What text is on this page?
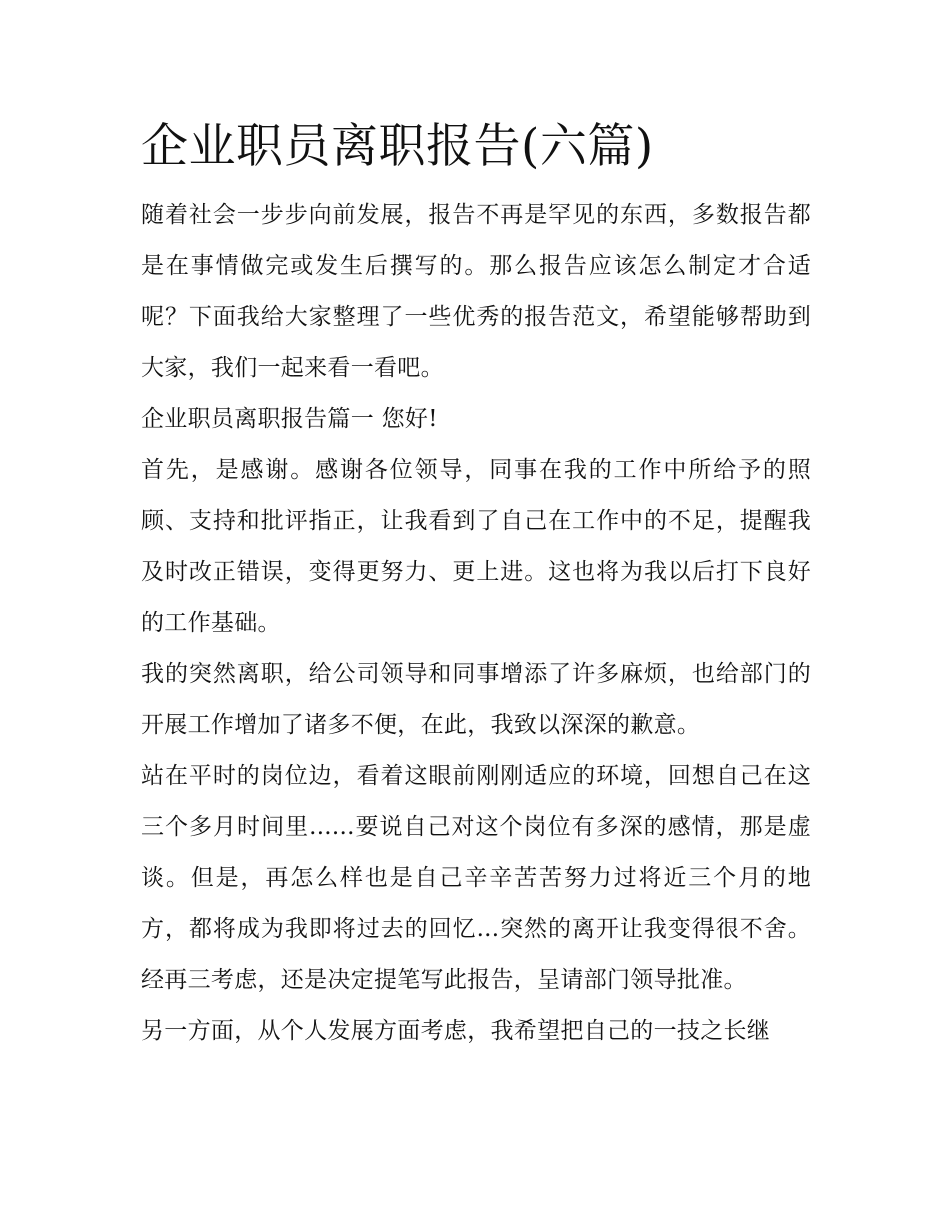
企业职员离职报告(六篇)

随着社会一步步向前发展，报告不再是罕见的东西，多数报告都是在事情做完或发生后撰写的。那么报告应该怎么制定才合适呢？下面我给大家整理了一些优秀的报告范文，希望能够帮助到大家，我们一起来看一看吧。

企业职员离职报告篇一 您好!

首先，是感谢。感谢各位领导，同事在我的工作中所给予的照顾、支持和批评指正，让我看到了自己在工作中的不足，提醒我及时改正错误，变得更努力、更上进。这也将为我以后打下良好的工作基础。

我的突然离职，给公司领导和同事增添了许多麻烦，也给部门的开展工作增加了诸多不便，在此，我致以深深的歉意。

站在平时的岗位边，看着这眼前刚刚适应的环境，回想自己在这三个多月时间里......要说自己对这个岗位有多深的感情，那是虚谈。但是，再怎么样也是自己辛辛苦苦努力过将近三个月的地方，都将成为我即将过去的回忆...突然的离开让我变得很不舍。经再三考虑，还是决定提笔写此报告，呈请部门领导批准。

另一方面，从个人发展方面考虑，我希望把自己的一技之长继
